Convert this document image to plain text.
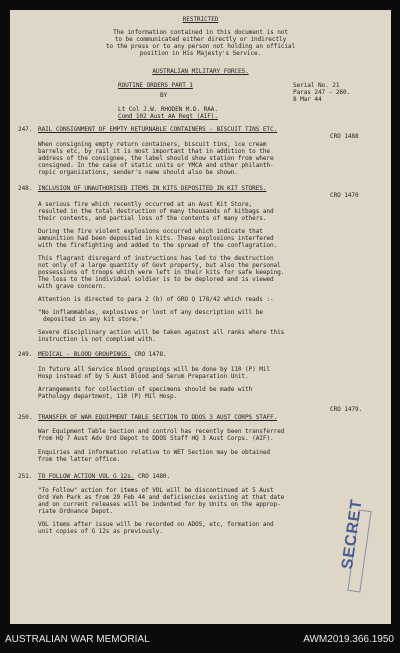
RESTRICTED
The information contained in this document is not
to be communicated either directly or indirectly
to the press or to any person not holding an official
position in His Majesty's Service.
AUSTRALIAN MILITARY FORCES.
ROUTINE ORDERS PART 1	Serial No. 21
Paras 247 - 260.
8 Mar 44
BY
Lt Col J.W. RHODEN M.D. RAA.
Comd 102 Aust AA Regt (AIF).
247. RAIL CONSIGNMENT OF EMPTY RETURNABLE CONTAINERS - BISCUIT TINS ETC.
CRO 1488
When consigning empty return containers, biscuit tins, ice cream
barrels etc, by rail it is most important that in addition to the
address of the consignee, the label should show station from where
consigned. In the case of static units or YMCA and other philanth-
ropic organizations, sender's name should also be shown.
248. INCLUSION OF UNAUTHORISED ITEMS IN KITS DEPOSITED IN KIT STORES.
CRO 1470
A serious fire which recently occurred at an Aust Kit Store,
resulted in the total destruction of many thousands of kitbags and
their contents, and partial loss of the contents of many others.
During the fire violent explosions occurred which indicate that
ammunition had been deposited in kits. These explosions interfered
with the firefighting and added to the spread of the conflagration.
This flagrant disregard of instructions has led to the destruction
not only of a large quantity of Govt property, but also the personal
possessions of troops which were left in their kits for safe keeping.
The loss to the individual soldier is to be deplored and is viewed
with grave concern.
Attention is directed to para 2 (b) of GRO Q 178/42 which reads :-
"No inflammables, explosives or loot of any description will be
deposited in any kit store."
Severe disciplinary action will be taken against all ranks where this
instruction is not complied with.
249. MEDICAL - BLOOD GROUPINGS. CRO 1478.
In future all Service blood groupings will be done by 110 (P) Mil
Hosp instead of by 5 Aust Blood and Serum Preparation Unit.
Arrangements for collection of specimens should be made with
Pathology department, 110 (P) Mil Hosp.
CRO 1479.
250. TRANSFER OF WAR EQUIPMENT TABLE SECTION TO DDOS 3 AUST CORPS STAFF.
War Equipment Table Section and control has recently been transferred
from HQ 7 Aust Adv Ord Depot to DDOS Staff HQ 3 Aust Corps. (AIF).
Enquiries and information relative to WET Section may be obtained
from the latter office.
251. TO FOLLOW ACTION VOL G 12s. CRO 1480.
"To Follow" action for items of VOL will be discontinued at 5 Aust
Ord Veh Park as from 29 Feb 44 and deficiencies existing at that date
and on current releases will be indented for by Units on the approp-
riate Ordnance Depot.
VOL items after issue will be recorded on ADOS, etc, formation and
unit copies of G 12s as previously.	SECRET
AUSTRALIAN WAR MEMORIAL	AWM2019.366.1950
